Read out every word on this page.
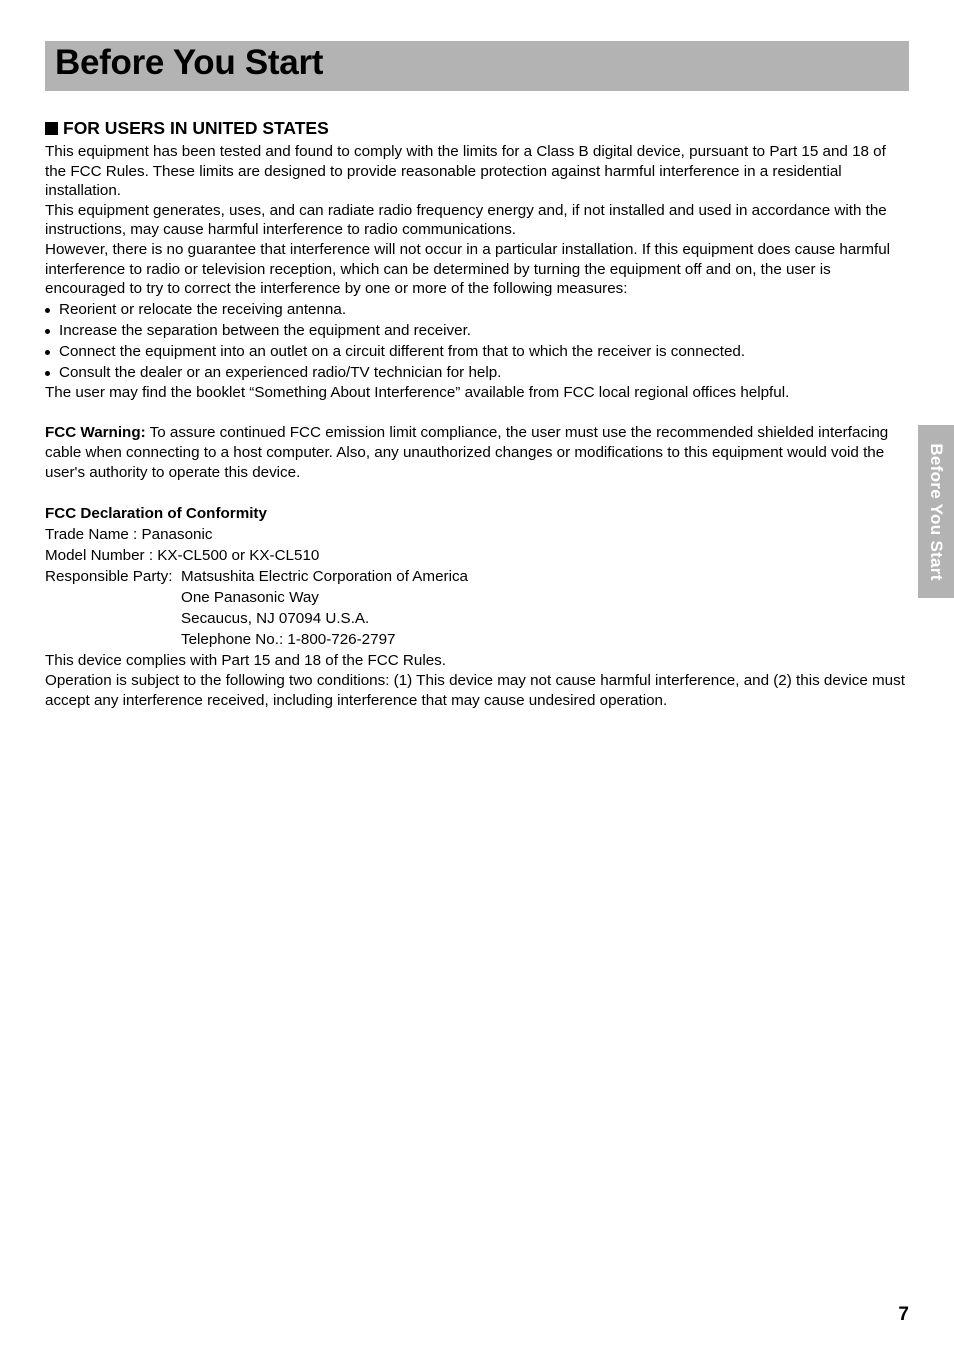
Before You Start
FOR USERS IN UNITED STATES

This equipment has been tested and found to comply with the limits for a Class B digital device, pursuant to Part 15 and 18 of the FCC Rules. These limits are designed to provide reasonable protection against harmful interference in a residential installation.

This equipment generates, uses, and can radiate radio frequency energy and, if not installed and used in accordance with the instructions, may cause harmful interference to radio communications.

However, there is no guarantee that interference will not occur in a particular installation. If this equipment does cause harmful interference to radio or television reception, which can be determined by turning the equipment off and on, the user is encouraged to try to correct the interference by one or more of the following measures:

Reorient or relocate the receiving antenna.
Increase the separation between the equipment and receiver.
Connect the equipment into an outlet on a circuit different from that to which the receiver is connected.
Consult the dealer or an experienced radio/TV technician for help.

The user may find the booklet “Something About Interference” available from FCC local regional offices helpful.

FCC Warning: To assure continued FCC emission limit compliance, the user must use the recommended shielded interfacing cable when connecting to a host computer. Also, any unauthorized changes or modifications to this equipment would void the user's authority to operate this device.

FCC Declaration of Conformity
Trade Name : Panasonic
Model Number : KX-CL500 or KX-CL510
Responsible Party: Matsushita Electric Corporation of America
One Panasonic Way
Secaucus, NJ 07094 U.S.A.
Telephone No.: 1-800-726-2797
This device complies with Part 15 and 18 of the FCC Rules.

Operation is subject to the following two conditions: (1) This device may not cause harmful interference, and (2) this device must accept any interference received, including interference that may cause undesired operation.

Before You Start
7
